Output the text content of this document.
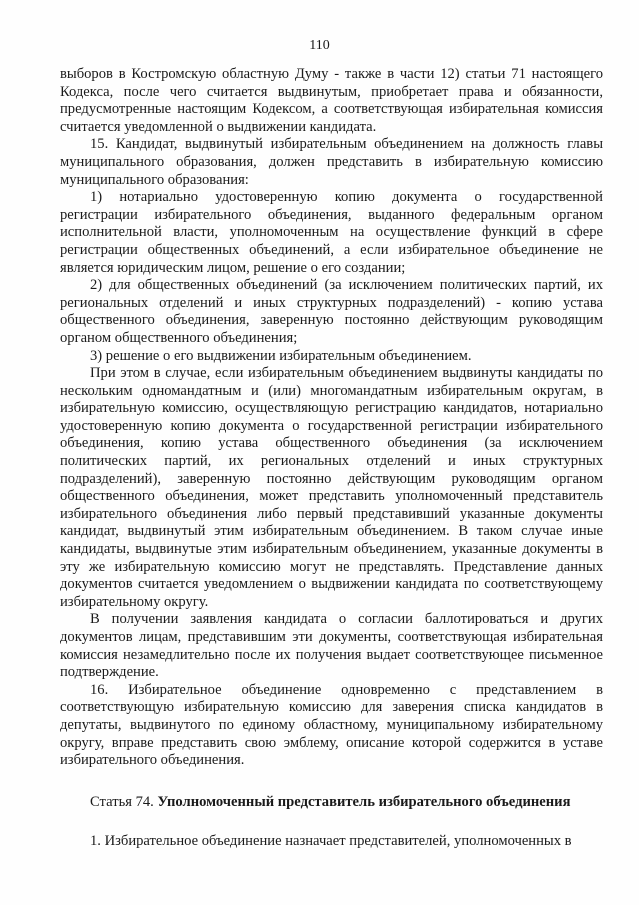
110

выборов в Костромскую областную Думу - также в части 12) статьи 71 настоящего Кодекса, после чего считается выдвинутым, приобретает права и обязанности, предусмотренные настоящим Кодексом, а соответствующая избирательная комиссия считается уведомленной о выдвижении кандидата.

15. Кандидат, выдвинутый избирательным объединением на должность главы муниципального образования, должен представить в избирательную комиссию муниципального образования:

1) нотариально удостоверенную копию документа о государственной регистрации избирательного объединения, выданного федеральным органом исполнительной власти, уполномоченным на осуществление функций в сфере регистрации общественных объединений, а если избирательное объединение не является юридическим лицом, решение о его создании;

2) для общественных объединений (за исключением политических партий, их региональных отделений и иных структурных подразделений) - копию устава общественного объединения, заверенную постоянно действующим руководящим органом общественного объединения;

3) решение о его выдвижении избирательным объединением.

При этом в случае, если избирательным объединением выдвинуты кандидаты по нескольким одномандатным и (или) многомандатным избирательным округам, в избирательную комиссию, осуществляющую регистрацию кандидатов, нотариально удостоверенную копию документа о государственной регистрации избирательного объединения, копию устава общественного объединения (за исключением политических партий, их региональных отделений и иных структурных подразделений), заверенную постоянно действующим руководящим органом общественного объединения, может представить уполномоченный представитель избирательного объединения либо первый представивший указанные документы кандидат, выдвинутый этим избирательным объединением. В таком случае иные кандидаты, выдвинутые этим избирательным объединением, указанные документы в эту же избирательную комиссию могут не представлять. Представление данных документов считается уведомлением о выдвижении кандидата по соответствующему избирательному округу.

В получении заявления кандидата о согласии баллотироваться и других документов лицам, представившим эти документы, соответствующая избирательная комиссия незамедлительно после их получения выдает соответствующее письменное подтверждение.

16. Избирательное объединение одновременно с представлением в соответствующую избирательную комиссию для заверения списка кандидатов в депутаты, выдвинутого по единому областному, муниципальному избирательному округу, вправе представить свою эмблему, описание которой содержится в уставе избирательного объединения.

Статья 74. Уполномоченный представитель избирательного объединения

1. Избирательное объединение назначает представителей, уполномоченных в
